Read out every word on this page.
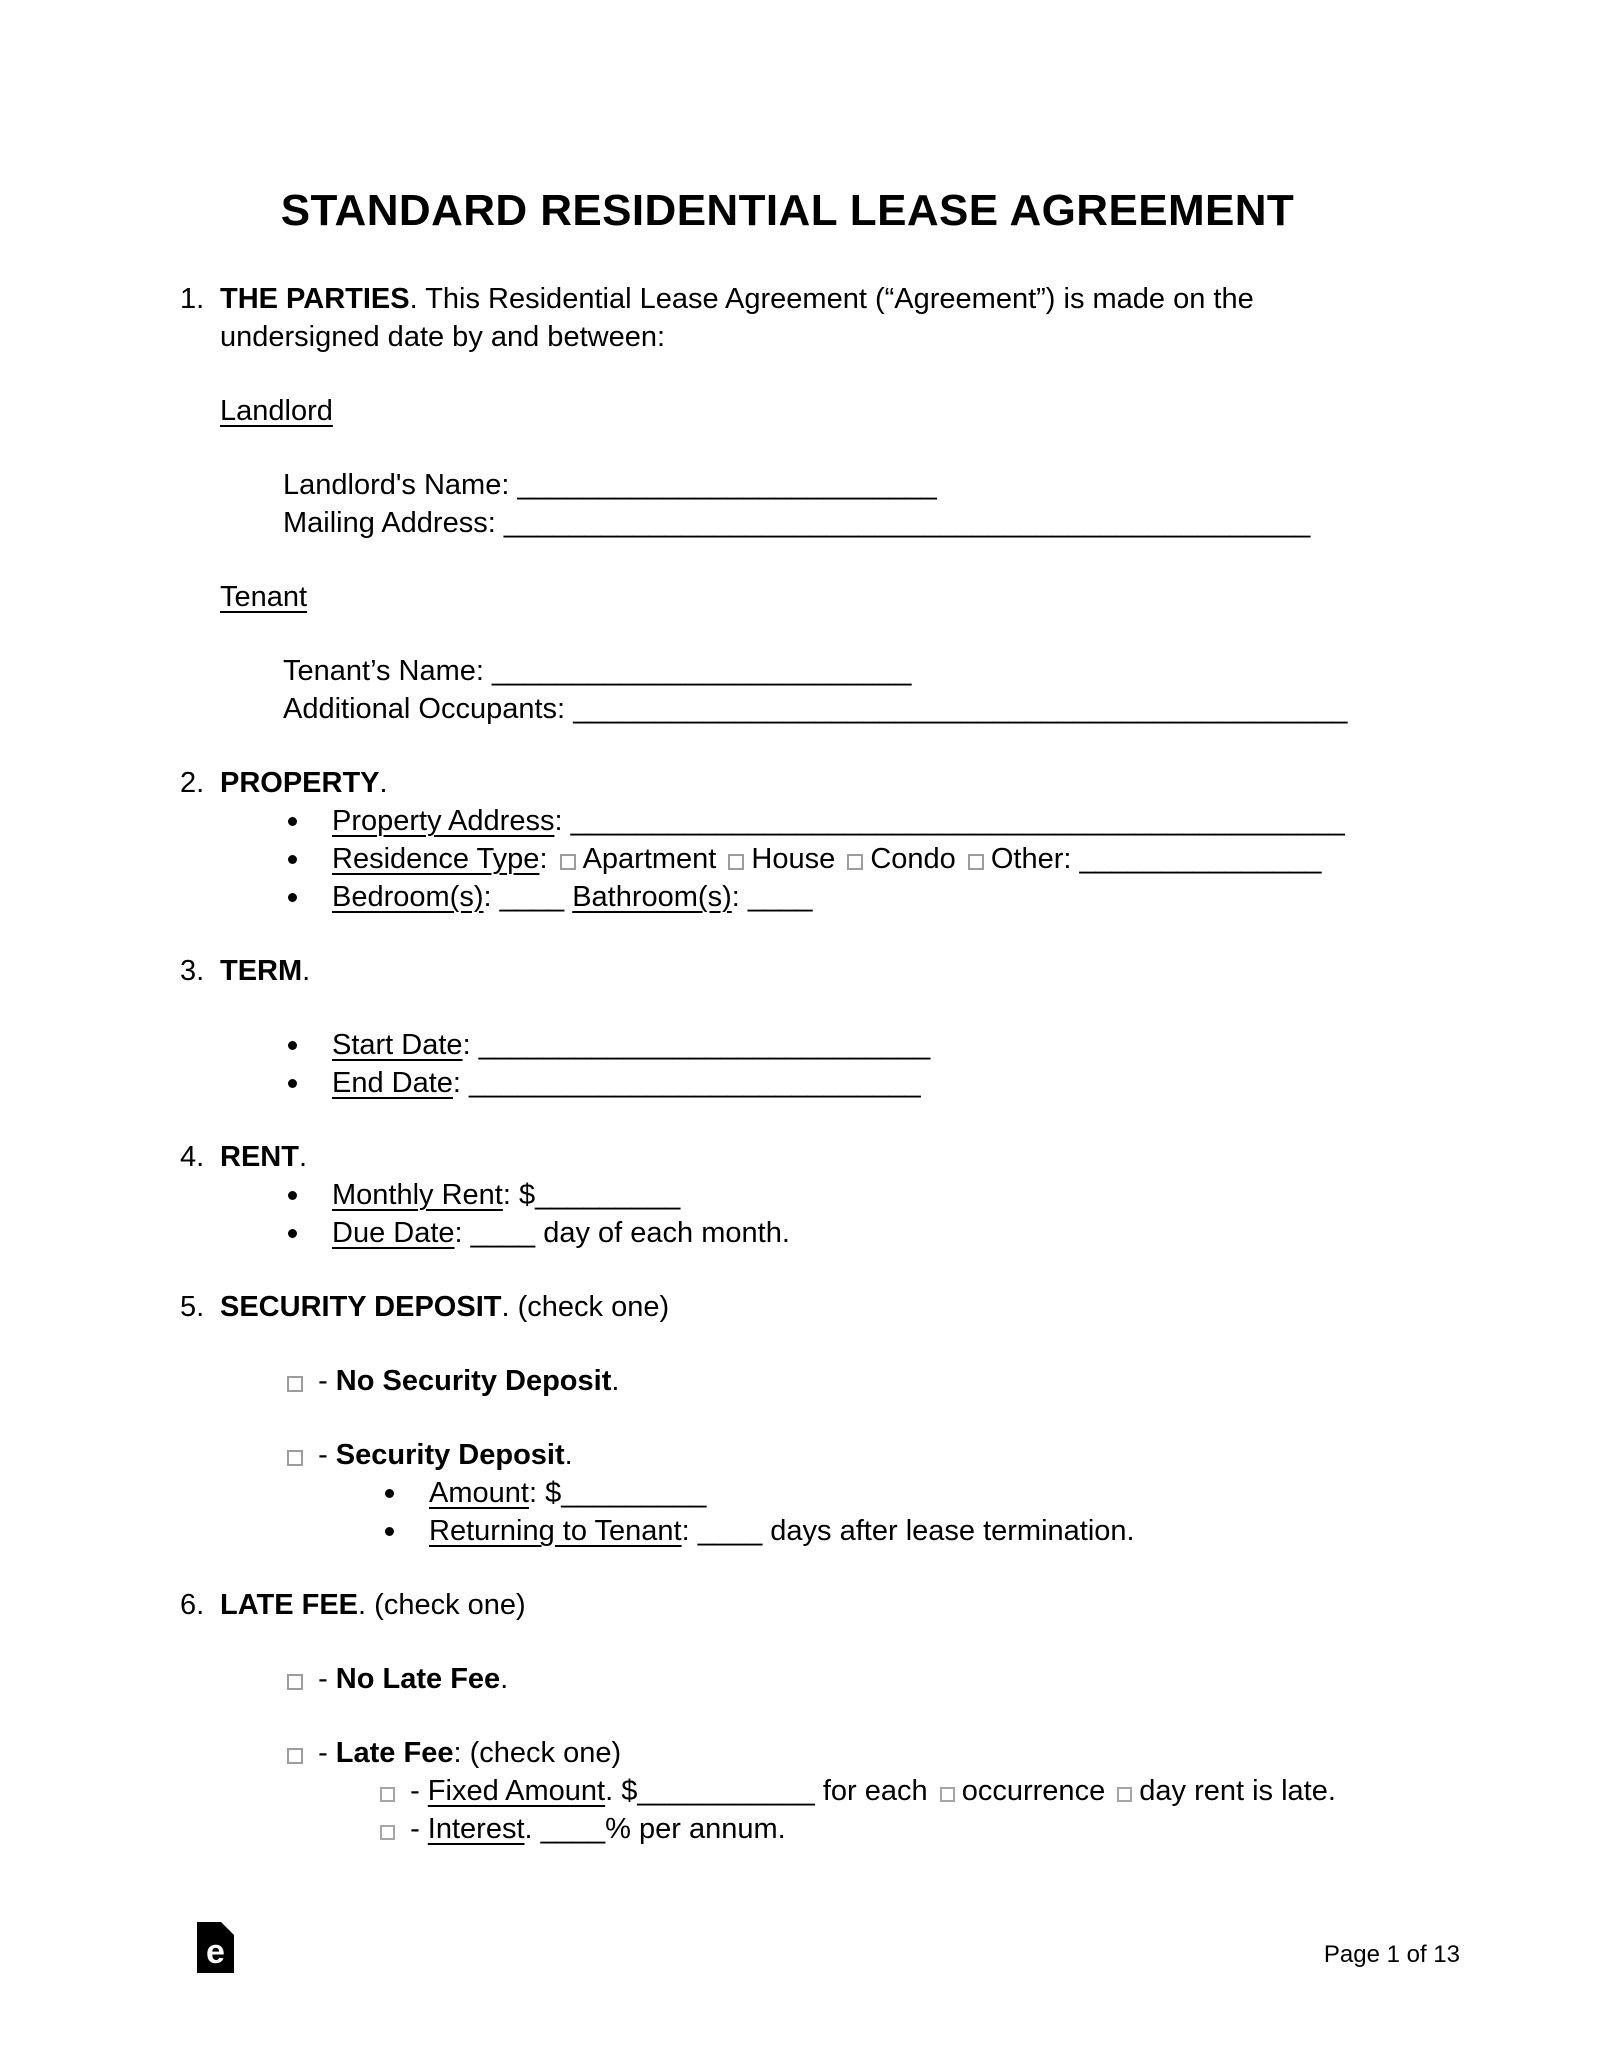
STANDARD RESIDENTIAL LEASE AGREEMENT
1. THE PARTIES. This Residential Lease Agreement (“Agreement”) is made on the undersigned date by and between:

Landlord

Landlord's Name: __________________________
Mailing Address: __________________________________________________

Tenant

Tenant’s Name: __________________________
Additional Occupants: ________________________________________________
2. PROPERTY.

Property Address: ________________________________________________
Residence Type: Apartment House Condo Other: _______________
Bedroom(s): ____ Bathroom(s): ____
3. TERM.

Start Date: ____________________________
End Date: ____________________________
4. RENT.

Monthly Rent: $_________
Due Date: ____ day of each month.
5. SECURITY DEPOSIT. (check one)

- No Security Deposit.

- Security Deposit.

Amount: $_________
Returning to Tenant: ____ days after lease termination.
6. LATE FEE. (check one)

- No Late Fee.

- Late Fee: (check one)

- Fixed Amount. $___________ for each occurrence day rent is late.

- Interest. ____% per annum.

e	Page 1 of 13
